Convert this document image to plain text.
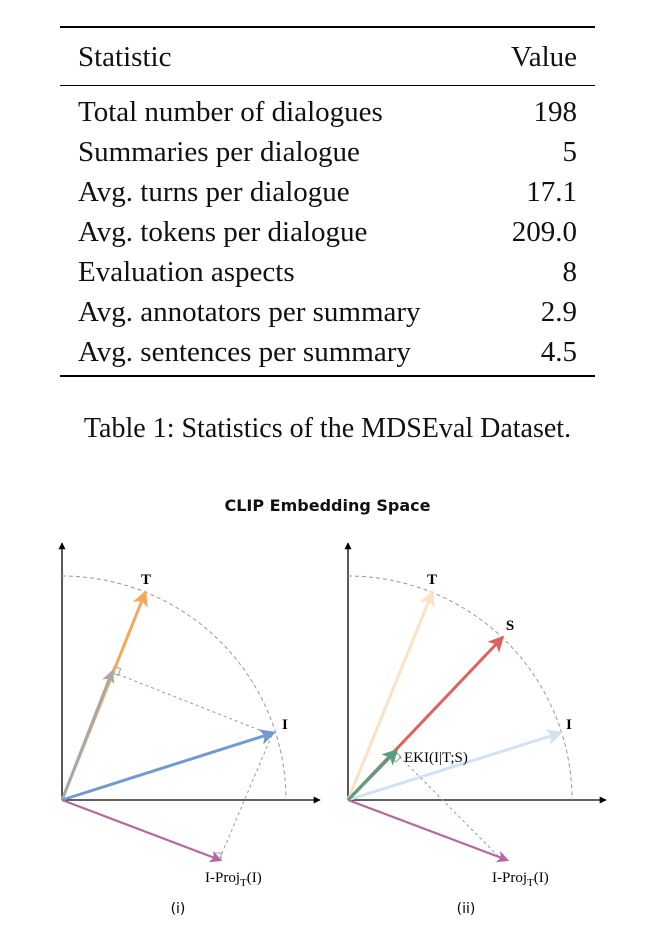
Statistic	Value
Total number of dialogues	198
Summaries per dialogue	5
Avg. turns per dialogue	17.1
Avg. tokens per dialogue	209.0
Evaluation aspects	8
Avg. annotators per summary	2.9
Avg. sentences per summary	4.5
Table 1: Statistics of the MDSEval Dataset.
CLIP Embedding Space
T
I
I-Proj$_T$(I)
(i)
T
S
I
EKI(I|T;S)
I-Proj$_T$(I)
(ii)
